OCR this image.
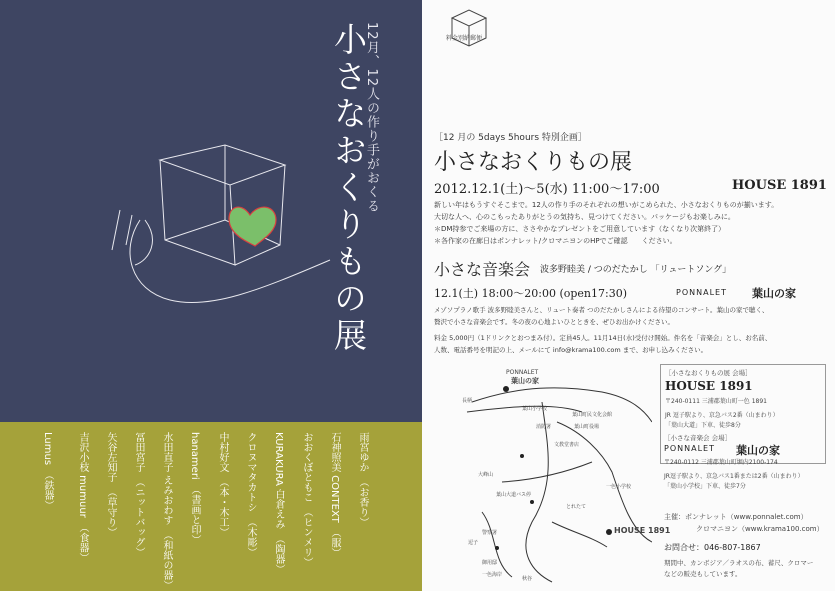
12月、12人の作り手がおくる
小さなおくりもの展
雨宮ゆか　（お香り）
石神照美 CONTEXT　（服）
おおくぼともこ　（ヒンメリ）
KURAKURA 白倉えみ　（陶器）
クロヌマタカトシ　（木彫）
中村好文　（本・木工）
hanameri　（書画と印）
水田直子 えみおわす　（和紙の器）
冨田宮子　（ニットバッグ）
矢谷左知子　（草守り）
吉沢小枝 mumuur　（食器）
Lumus　（鉄器）
料金別納郵便
［12 月の 5days 5hours 特別企画］
小さなおくりもの展
2012.12.1(土)〜5(水) 11:00〜17:00	HOUSE 1891
新しい年はもうすぐそこまで。12人の作り手のそれぞれの想いがこめられた、小さなおくりものが揃います。
大切な人へ、心のこもったありがとうの気持ち、見つけてください。パッケージもお楽しみに。
＊DM持参でご来場の方に、ささやかなプレゼントをご用意しています（なくなり次第終了）
＊各作家の在廊日はポンナレット/クロマニヨンのHPでご確認　　ください。
小さな音楽会 波多野睦美 / つのだたかし 「リュートソング」
12.1(土) 18:00〜20:00 (open17:30)	PONNALET 葉山の家
メゾソプラノ歌手 波多野睦美さんと、リュート奏者 つのだたかしさんによる待望のコンサート。葉山の家で聴く、
贅沢で小さな音楽会です。冬の夜の心地よいひとときを、ぜひお出かけください。
料金 5,000円（1ドリンクとおつまみ付）。定員45人。11月14日(水)受付け開始。件名を「音楽会」とし、お名前、
人数、電話番号を明記の上、メールにて info@krama100.com まで、お申し込みください。
PONNALET
葉山の家
葉山小学校
葉山町役場
消防署
葉山町民文化会館
葉山大道バス停
HOUSE 1891
大峰山
一色小学校
長柄
逗子
御用邸
一色海岸
秋谷
文教堂書店
警察署
とれたて
［小さなおくりもの展 会場］
HOUSE 1891
〒240-0111 三浦郡葉山町一色 1891
JR 逗子駅より、京急バス2番（山まわり）
「葉山大道」下車、徒歩8分
［小さな音楽会 会場］
PONNALET 葉山の家
〒240-0112 三浦郡葉山町堀内2100-174
JR逗子駅より、京急バス1番または2番（山まわり）
「葉山小学校」下車、徒歩7分
主催：ポンナレット（www.ponnalet.com）
クロマニヨン（www.krama100.com）
お問合せ：046-807-1867
期間中、カンボジア／ラオスの布、蓄尺、クロマー
などの販売もしています。
